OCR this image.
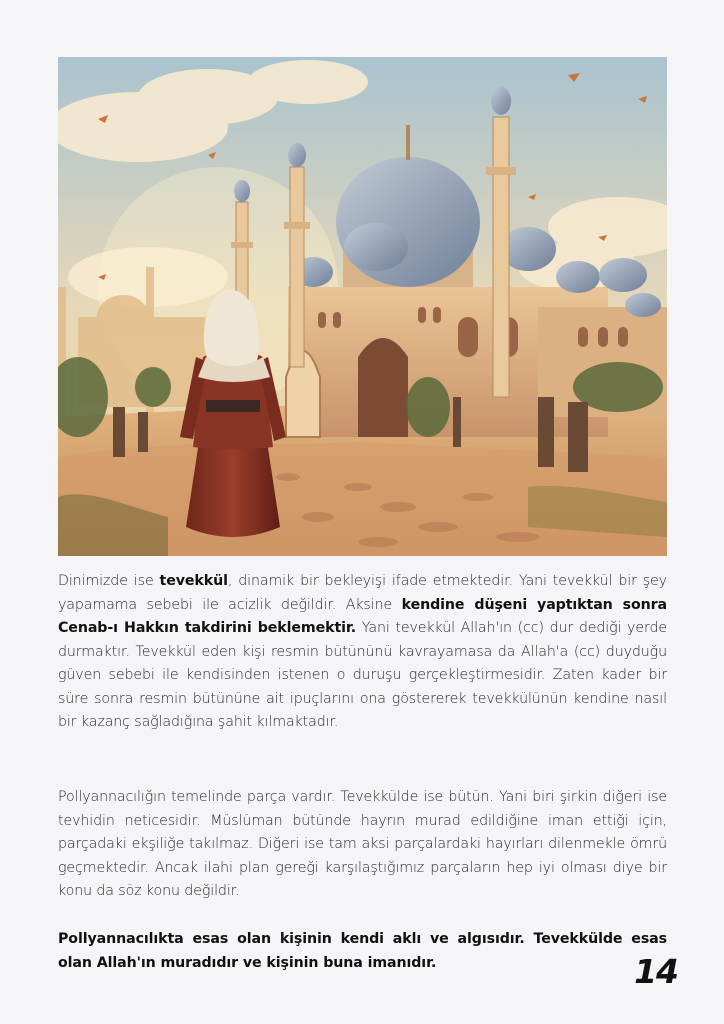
Dinimizde ise tevekkül, dinamik bir bekleyişi ifade etmektedir. Yani tevekkül bir şey yapamama sebebi ile acizlik değildir. Aksine kendine düşeni yaptıktan sonra Cenab-ı Hakkın takdirini beklemektir. Yani tevekkül Allah'ın (cc) dur dediği yerde durmaktır. Tevekkül eden kişi resmin bütününü kavrayamasa da Allah'a (cc) duyduğu güven sebebi ile kendisinden istenen o duruşu gerçekleştirmesidir. Zaten kader bir süre sonra resmin bütününe ait ipuçlarını ona göstererek tevekkülünün kendine nasıl bir kazanç sağladığına şahit kılmaktadır.
Pollyannacılığın temelinde parça vardır. Tevekkülde ise bütün. Yani biri şirkin diğeri ise tevhidin neticesidir. Müslüman bütünde hayrın murad edildiğine iman ettiği için, parçadaki ekşiliğe takılmaz. Diğeri ise tam aksi parçalardaki hayırları dilenmekle ömrü geçmektedir. Ancak ilahi plan gereği karşılaştığımız parçaların hep iyi olması diye bir konu da söz konu değildir.
Pollyannacılıkta esas olan kişinin kendi aklı ve algısıdır. Tevekkülde esas olan Allah'ın muradıdır ve kişinin buna imanıdır.	14
